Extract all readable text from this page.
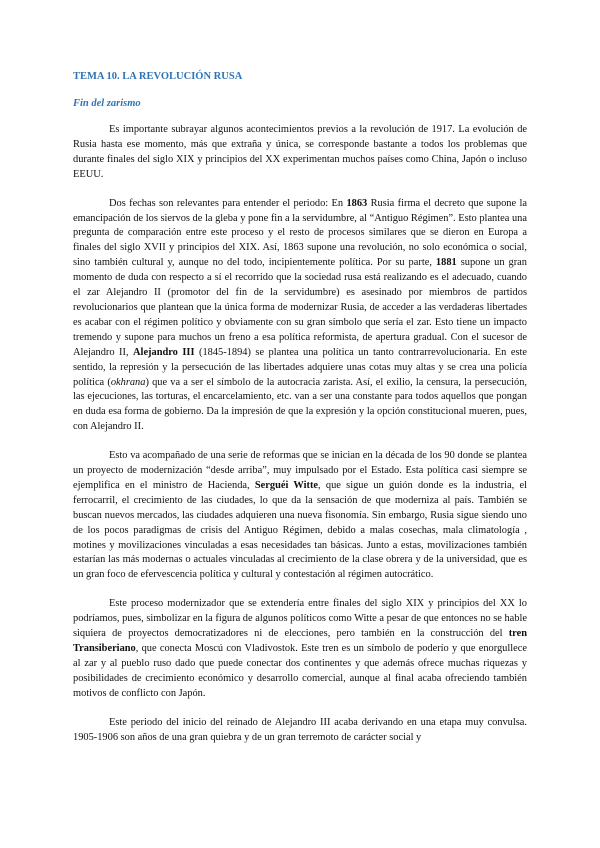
TEMA 10. LA REVOLUCIÓN RUSA
Fin del zarismo

Es importante subrayar algunos acontecimientos previos a la revolución de 1917. La evolución de Rusia hasta ese momento, más que extraña y única, se corresponde bastante a todos los problemas que durante finales del siglo XIX y principios del XX experimentan muchos países como China, Japón o incluso EEUU.

Dos fechas son relevantes para entender el periodo: En 1863 Rusia firma el decreto que supone la emancipación de los siervos de la gleba y pone fin a la servidumbre, al “Antiguo Régimen”. Esto plantea una pregunta de comparación entre este proceso y el resto de procesos similares que se dieron en Europa a finales del siglo XVII y principios del XIX. Así, 1863 supone una revolución, no solo económica o social, sino también cultural y, aunque no del todo, incipientemente política. Por su parte, 1881 supone un gran momento de duda con respecto a sí el recorrido que la sociedad rusa está realizando es el adecuado, cuando el zar Alejandro II (promotor del fin de la servidumbre) es asesinado por miembros de partidos revolucionarios que plantean que la única forma de modernizar Rusia, de acceder a las verdaderas libertades es acabar con el régimen político y obviamente con su gran símbolo que sería el zar. Esto tiene un impacto tremendo y supone para muchos un freno a esa política reformista, de apertura gradual. Con el sucesor de Alejandro II, Alejandro III (1845-1894) se plantea una política un tanto contrarrevolucionaria. En este sentido, la represión y la persecución de las libertades adquiere unas cotas muy altas y se crea una policía política (okhrana) que va a ser el símbolo de la autocracia zarista. Así, el exilio, la censura, la persecución, las ejecuciones, las torturas, el encarcelamiento, etc. van a ser una constante para todos aquellos que pongan en duda esa forma de gobierno. Da la impresión de que la expresión y la opción constitucional mueren, pues, con Alejandro II.

Esto va acompañado de una serie de reformas que se inician en la década de los 90 donde se plantea un proyecto de modernización “desde arriba”, muy impulsado por el Estado. Esta política casi siempre se ejemplifica en el ministro de Hacienda, Serguéi Witte, que sigue un guión donde es la industria, el ferrocarril, el crecimiento de las ciudades, lo que da la sensación de que moderniza al país. También se buscan nuevos mercados, las ciudades adquieren una nueva fisonomía. Sin embargo, Rusia sigue siendo uno de los pocos paradigmas de crisis del Antiguo Régimen, debido a malas cosechas, mala climatología , motines y movilizaciones vinculadas a esas necesidades tan básicas. Junto a estas, movilizaciones también estarían las más modernas o actuales vinculadas al crecimiento de la clase obrera y de la universidad, que es un gran foco de efervescencia política y cultural y contestación al régimen autocrático.

Este proceso modernizador que se extendería entre finales del siglo XIX y principios del XX lo podríamos, pues, simbolizar en la figura de algunos políticos como Witte a pesar de que entonces no se hable siquiera de proyectos democratizadores ni de elecciones, pero también en la construcción del tren Transiberiano, que conecta Moscú con Vladivostok. Este tren es un símbolo de poderío y que enorgullece al zar y al pueblo ruso dado que puede conectar dos continentes y que además ofrece muchas riquezas y posibilidades de crecimiento económico y desarrollo comercial, aunque al final acaba ofreciendo también motivos de conflicto con Japón.

Este periodo del inicio del reinado de Alejandro III acaba derivando en una etapa muy convulsa. 1905-1906 son años de una gran quiebra y de un gran terremoto de carácter social y
